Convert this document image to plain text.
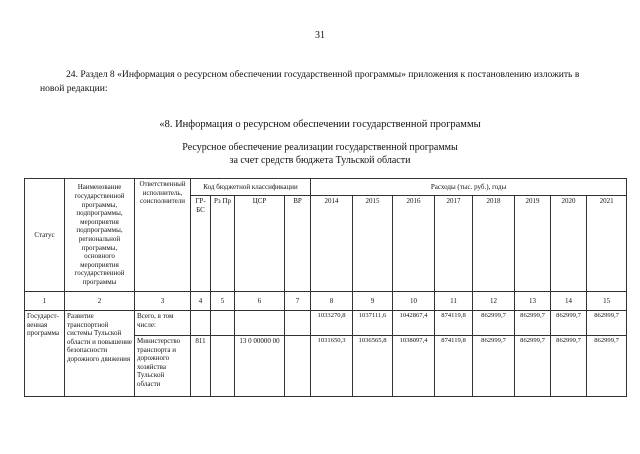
31
24. Раздел 8 «Информация о ресурсном обеспечении государственной программы» приложения к постановлению изложить в новой редакции:
«8. Информация о ресурсном обеспечении государственной программы
Ресурсное обеспечение реализации государственной программы
за счет средств бюджета Тульской области
Статус	Наименование государственной программы, подпрограммы, мероприятия подпрограммы, региональной программы, основного мероприятия государственной программы	Ответственный исполнитель, соисполнители	Код бюджетной классификации				Расходы (тыс. руб.), годы							
			ГР-БС	Рз Пр	ЦСР	ВР	2014	2015	2016	2017	2018	2019	2020	2021
1	2	3	4	5	6	7	8	9	10	11	12	13	14	15
Государст-венная программа	Развитие транспортной системы Тульской области и повышение безопасности дорожного движения	Всего, в том числе:					1033270,8	1037111,6	1042867,4	874119,8	862999,7	862999,7	862999,7	862999,7
		Министерство транспорта и дорожного хозяйства Тульской области	811		13 0 00000 00		1031650,3	1036565,8	1038097,4	874119,8	862999,7	862999,7	862999,7	862999,7
